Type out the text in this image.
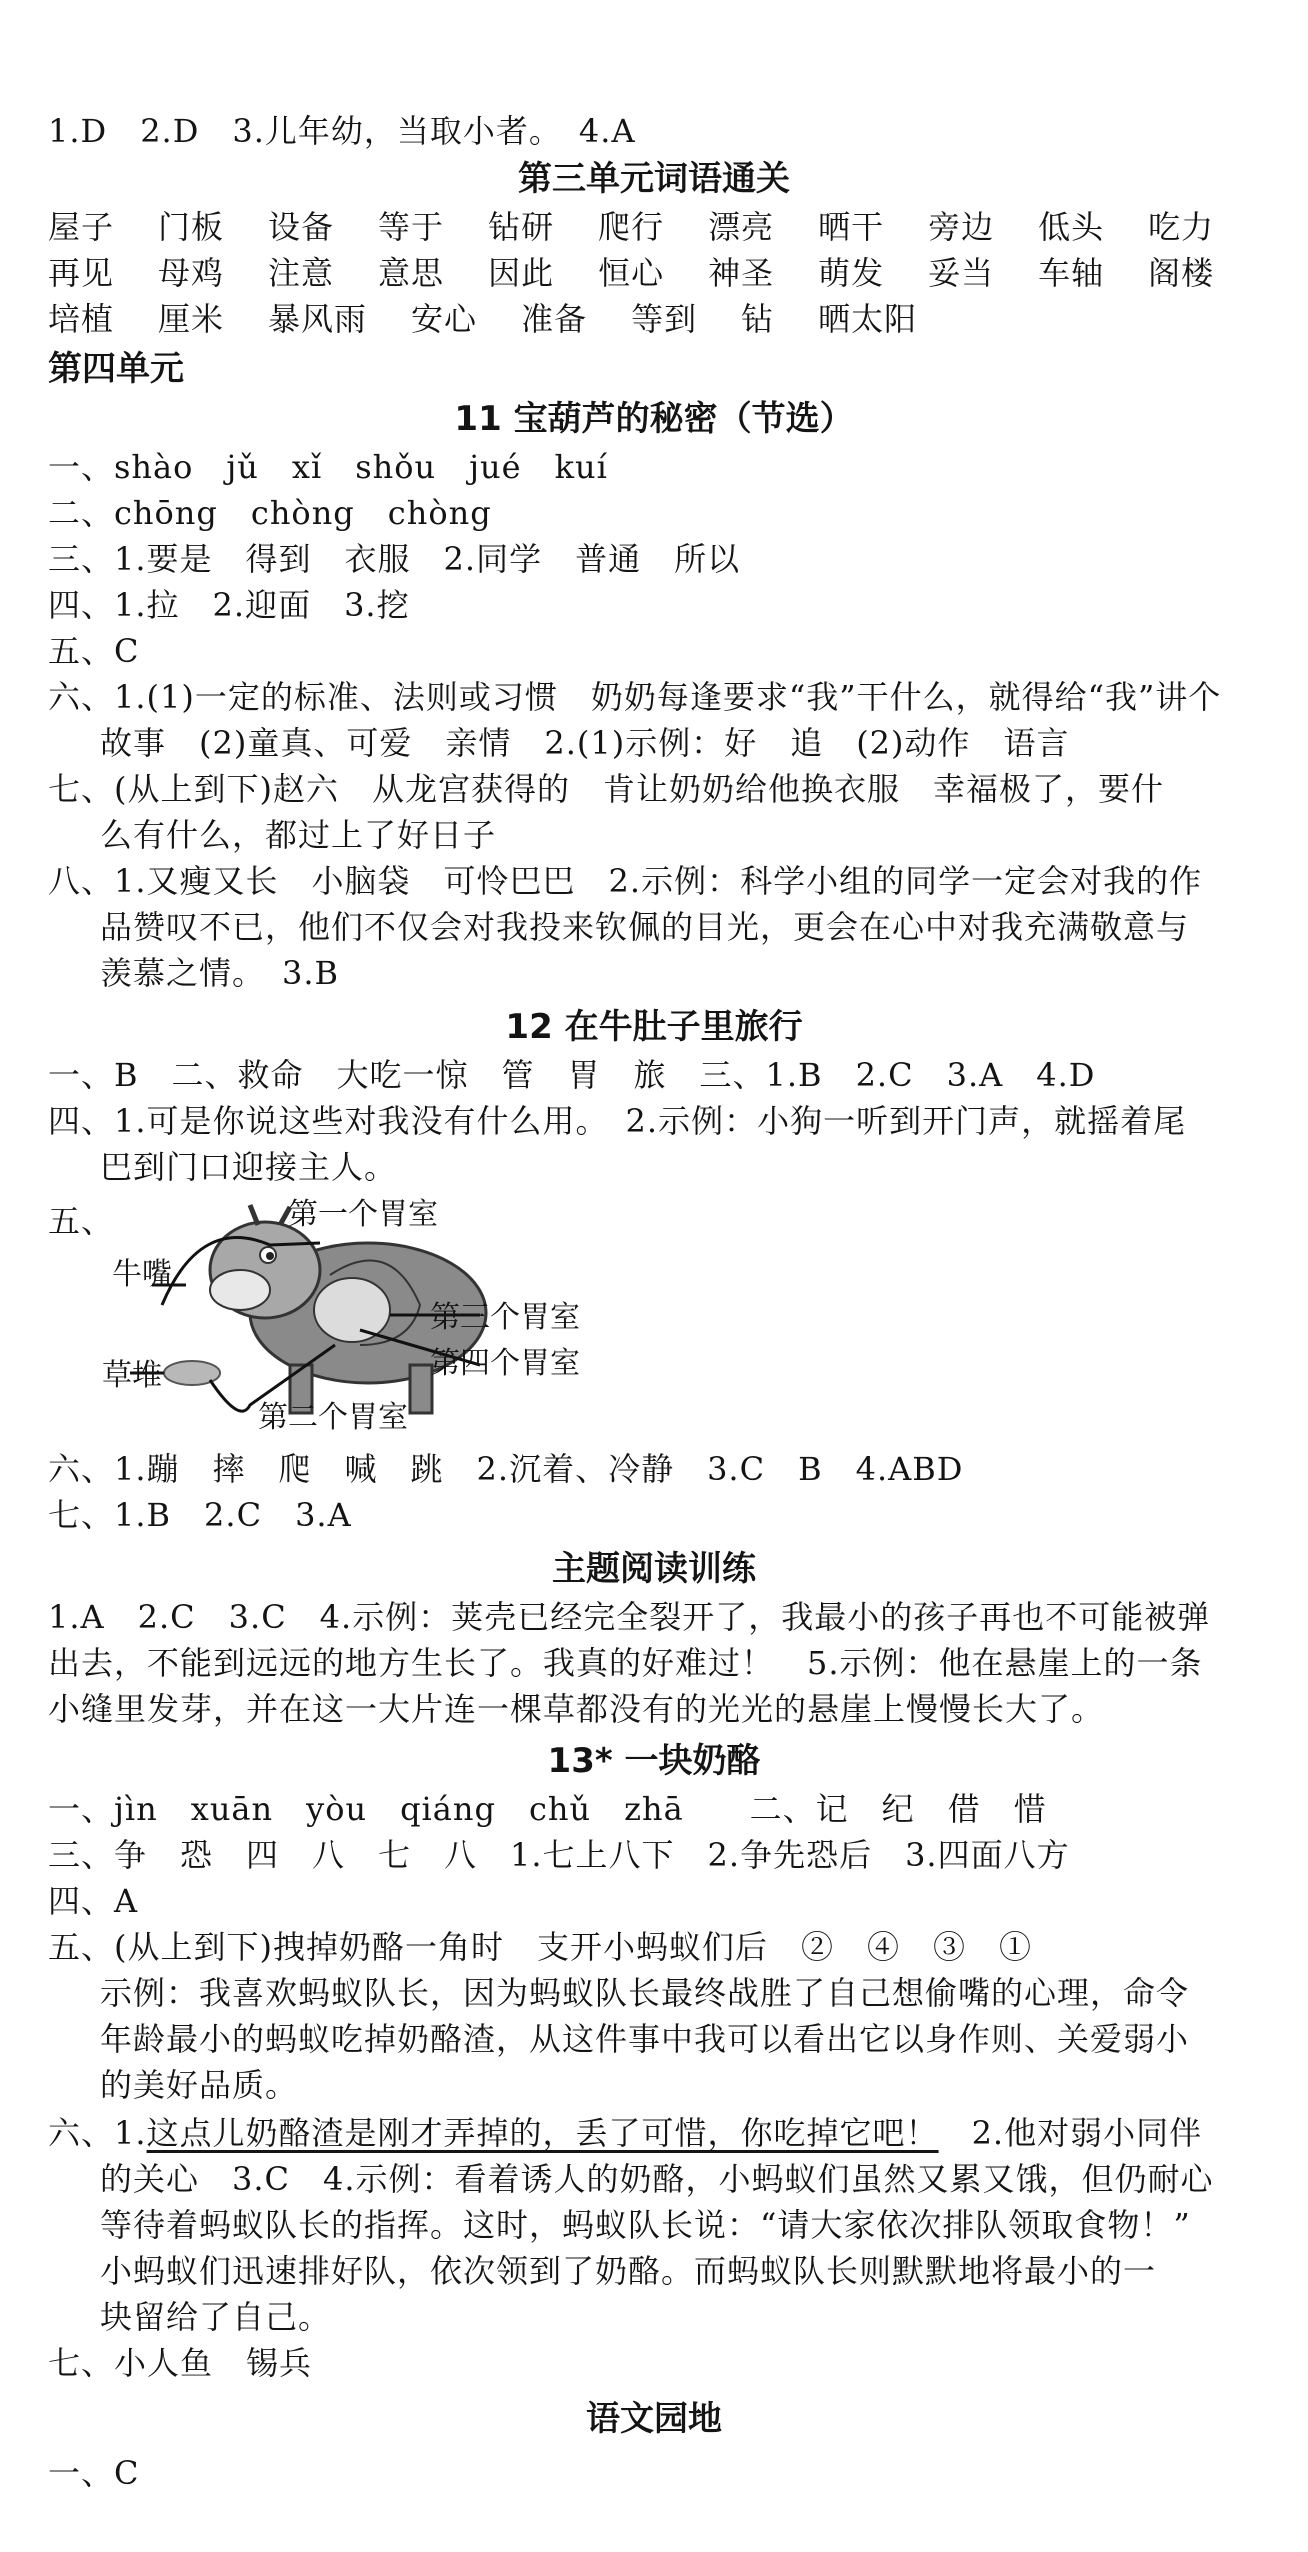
1.D　2.D　3.儿年幼，当取小者。　4.A
第三单元词语通关
屋子 门板 设备 等于 钻研 爬行 漂亮 晒干 旁边 低头 吃力
再见 母鸡 注意 意思 因此 恒心 神圣 萌发 妥当 车轴 阁楼
培植 厘米 暴风雨 安心 准备 等到 钻 晒太阳
第四单元
11 宝葫芦的秘密（节选）
一、shào　jǔ　xǐ　shǒu　jué　kuí
二、chōng　chòng　chòng
三、1.要是　得到　衣服　2.同学　普通　所以
四、1.拉　2.迎面　3.挖
五、C
六、1.(1)一定的标准、法则或习惯　奶奶每逢要求“我”干什么，就得给“我”讲个
故事　(2)童真、可爱　亲情　2.(1)示例：好　追　(2)动作　语言
七、(从上到下)赵六　从龙宫获得的　肯让奶奶给他换衣服　幸福极了，要什
么有什么，都过上了好日子
八、1.又瘦又长　小脑袋　可怜巴巴　2.示例：科学小组的同学一定会对我的作
品赞叹不已，他们不仅会对我投来钦佩的目光，更会在心中对我充满敬意与
羡慕之情。　3.B
12 在牛肚子里旅行
一、B　二、救命　大吃一惊　管　胃　旅　三、1.B　2.C　3.A　4.D
四、1.可是你说这些对我没有什么用。　2.示例：小狗一听到开门声，就摇着尾
巴到门口迎接主人。
五、	第一个胃室
牛嘴
第三个胃室
第四个胃室
草堆
第二个胃室
六、1.蹦　摔　爬　喊　跳　2.沉着、冷静　3.C　B　4.ABD
七、1.B　2.C　3.A
主题阅读训练
1.A　2.C　3.C　4.示例：荚壳已经完全裂开了，我最小的孩子再也不可能被弹
出去，不能到远远的地方生长了。我真的好难过！　5.示例：他在悬崖上的一条
小缝里发芽，并在这一大片连一棵草都没有的光光的悬崖上慢慢长大了。
13* 一块奶酪
一、jìn　xuān　yòu　qiáng　chǔ　zhā　　二、记　纪　借　惜
三、争　恐　四　八　七　八　1.七上八下　2.争先恐后　3.四面八方
四、A
五、(从上到下)拽掉奶酪一角时　支开小蚂蚁们后　②　④　③　①
示例：我喜欢蚂蚁队长，因为蚂蚁队长最终战胜了自己想偷嘴的心理，命令
年龄最小的蚂蚁吃掉奶酪渣，从这件事中我可以看出它以身作则、关爱弱小
的美好品质。
六、1.这点儿奶酪渣是刚才弄掉的，丢了可惜，你吃掉它吧！　2.他对弱小同伴
的关心　3.C　4.示例：看着诱人的奶酪，小蚂蚁们虽然又累又饿，但仍耐心
等待着蚂蚁队长的指挥。这时，蚂蚁队长说：“请大家依次排队领取食物！”
小蚂蚁们迅速排好队，依次领到了奶酪。而蚂蚁队长则默默地将最小的一
块留给了自己。
七、小人鱼　锡兵
语文园地
一、C
